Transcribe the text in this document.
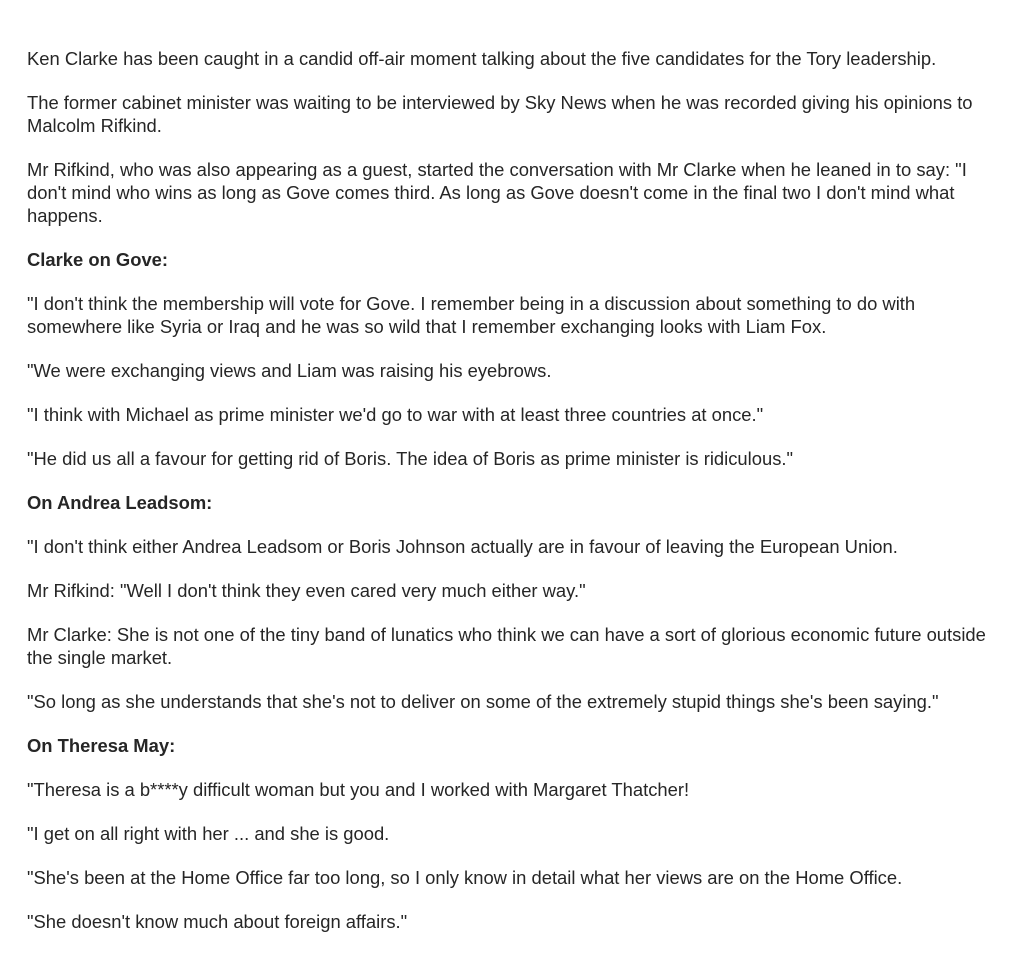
Ken Clarke has been caught in a candid off-air moment talking about the five candidates for the Tory leadership.

The former cabinet minister was waiting to be interviewed by Sky News when he was recorded giving his opinions to Malcolm Rifkind.

Mr Rifkind, who was also appearing as a guest, started the conversation with Mr Clarke when he leaned in to say: "I don't mind who wins as long as Gove comes third. As long as Gove doesn't come in the final two I don't mind what happens.

Clarke on Gove:

"I don't think the membership will vote for Gove. I remember being in a discussion about something to do with somewhere like Syria or Iraq and he was so wild that I remember exchanging looks with Liam Fox.

"We were exchanging views and Liam was raising his eyebrows.

"I think with Michael as prime minister we'd go to war with at least three countries at once."

"He did us all a favour for getting rid of Boris. The idea of Boris as prime minister is ridiculous."

On Andrea Leadsom:

"I don't think either Andrea Leadsom or Boris Johnson actually are in favour of leaving the European Union.

Mr Rifkind: "Well I don't think they even cared very much either way."

Mr Clarke: She is not one of the tiny band of lunatics who think we can have a sort of glorious economic future outside the single market.

"So long as she understands that she's not to deliver on some of the extremely stupid things she's been saying."

On Theresa May:

"Theresa is a b****y difficult woman but you and I worked with Margaret Thatcher!

"I get on all right with her ... and she is good.

"She's been at the Home Office far too long, so I only know in detail what her views are on the Home Office.

"She doesn't know much about foreign affairs."
